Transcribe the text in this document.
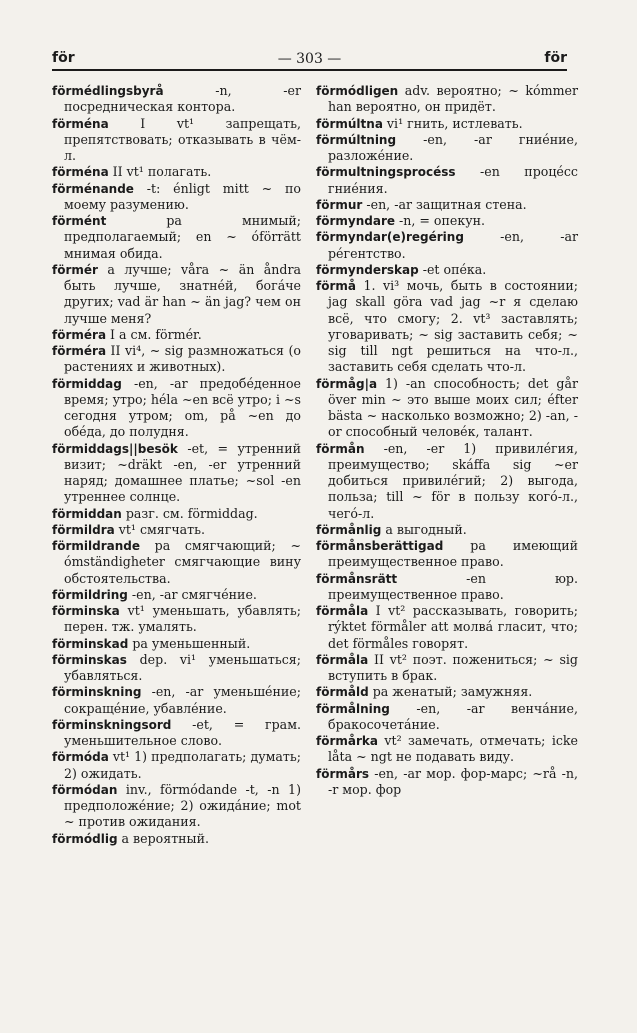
för	— 303 —	för

förmédlingsbyrå -n, -er посредническая контора.

förména I vt¹ запрещать, препятствовать; отказывать в чём-л.

förména II vt¹ полагать.

förménande -t: énligt mitt ~ по моему разумению.

förmént pa мнимый; предполагаемый; en ~ óförrätt мнимая обида.

förmér a лучше; våra ~ än åndra быть лучше, знатнéй, богáче других; vad är han ~ än jag? чем он лучше меня?

förméra I a см. förmér.

förméra II vi⁴, ~ sig размножаться (о растениях и животных).

förmiddag -en, -ar предобéденное время; утро; héla ~en всё утро; i ~s сегодня утром; om, på ~en до обéда, до полудня.

förmiddags||besök -et, = утренний визит; ~dräkt -en, -er утренний наряд; домашнее платье; ~sol -en утреннее солнце.

förmiddan разг. см. förmiddag.

förmildra vt¹ смягчать.

förmildrande pa смягчающий; ~ ómständigheter смягчающие вину обстоятельства.

förmildring -en, -ar смягчéние.

förminska vt¹ уменьшать, убавлять; перен. тж. умалять.

förminskad pa уменьшенный.

förminskas dep. vi¹ уменьшаться; убавляться.

förminskning -en, -ar уменьшéние; сокращéние, убавлéние.

förminskningsord -et, = грам. уменьшительное слово.

förmóda vt¹ 1) предполагать; думать; 2) ожидать.

förmódan inv., förmódande -t, -n 1) предположéние; 2) ожидáние; mot ~ против ожидания.

förmódlig a вероятный.

förmódligen adv. вероятно; ~ kómmer han вероятно, он придёт.

förmúltna vi¹ гнить, истлевать.

förmúltning -en, -ar гниéние, разложéние.

förmultningsprocéss -en процéсс гниéния.

förmur -en, -ar защитная стена.

förmyndare -n, = опекун.

förmyndar(e)regéring -en, -ar рéгентство.

förmynderskap -et опéка.

förmå 1. vi³ мочь, быть в состоянии; jag skall göra vad jag ~r я сделаю всё, что смогу; 2. vt³ заставлять; уговаривать; ~ sig заставить себя; ~ sig till ngt решиться на что-л., заставить себя сделать что-л.

förmåg|a 1) -an способность; det går över min ~ это выше моих сил; éfter bästa ~ насколько возможно; 2) -an, -or способный человéк, талант.

förmån -en, -er 1) привилéгия, преимущество; skáffa sig ~er добиться привилéгий; 2) выгода, польза; till ~ för в пользу когó-л., чегó-л.

förmånlig a выгодный.

förmånsberättigad pa имеющий преимущественное право.

förmånsrätt -en юр. преимущественное право.

förmåla I vt² рассказывать, говорить; rýktet förmåler att молвá гласит, что; det förmåles говорят.

förmåla II vt² поэт. пожениться; ~ sig вступить в брак.

förmåld pa женатый; замужняя.

förmålning -en, -ar венчáние, бракосочетáние.

förmårka vt² замечать, отмечать; icke låta ~ ngt не подавать виду.

förmårs -en, -ar мор. фор-марс; ~rå -n, -r мор. фор
